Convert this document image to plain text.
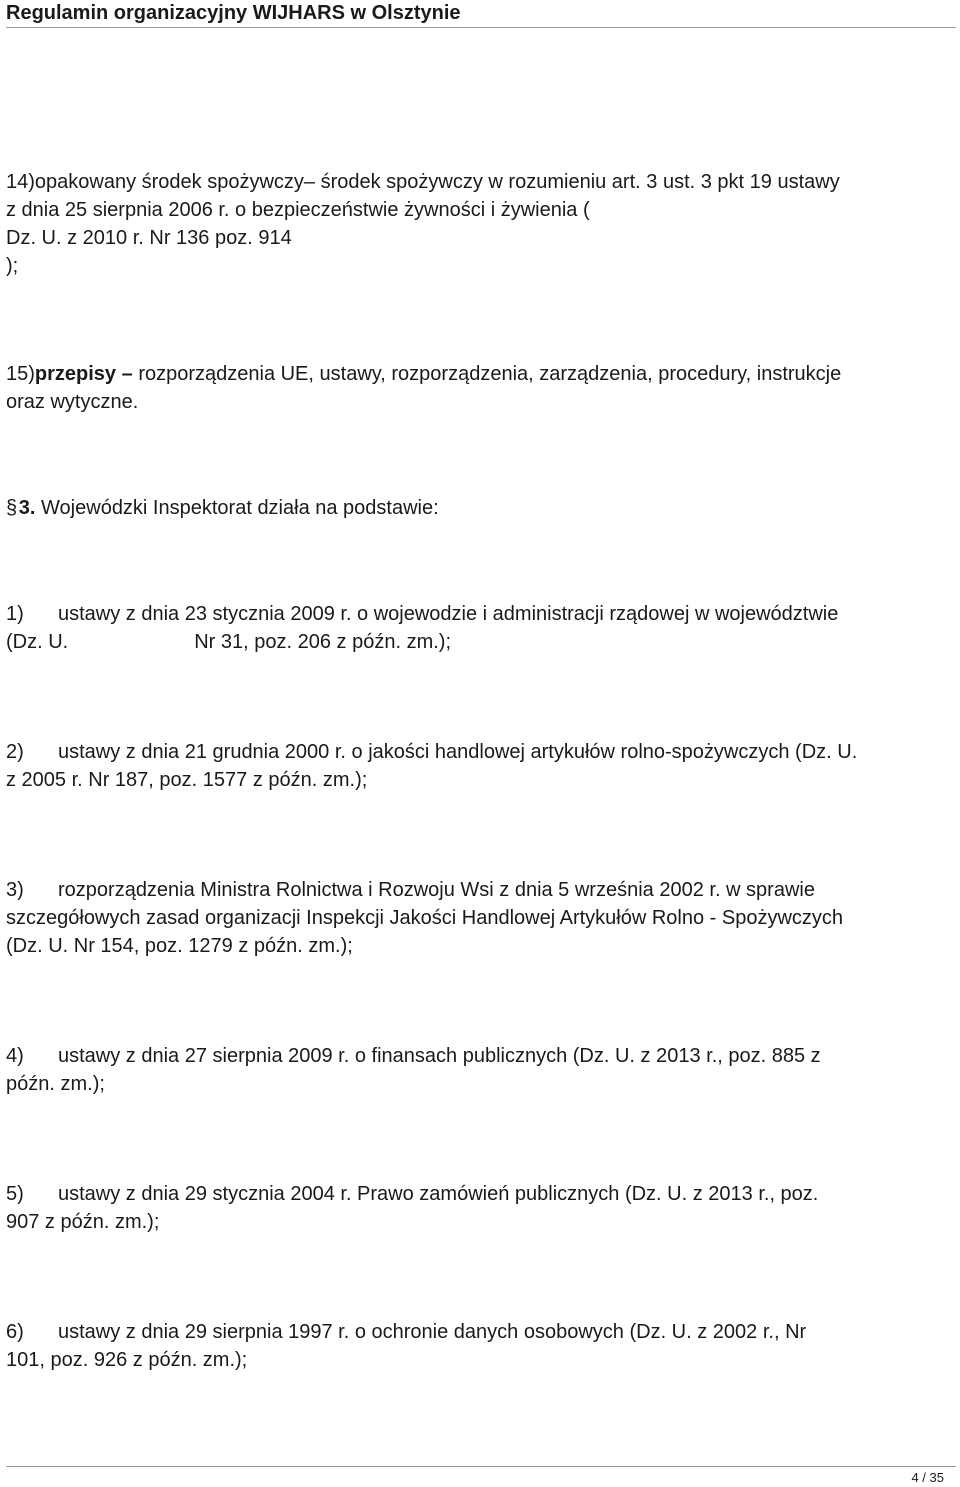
Regulamin organizacyjny WIJHARS w Olsztynie
14)opakowany środek spożywczy– środek spożywczy w rozumieniu art. 3 ust. 3 pkt 19 ustawy
z dnia 25 sierpnia 2006 r. o bezpieczeństwie żywności i żywienia (
Dz. U. z 2010 r. Nr 136 poz. 914
);
15)przepisy – rozporządzenia UE, ustawy, rozporządzenia, zarządzenia, procedury, instrukcje
oraz wytyczne.
§ 3. Wojewódzki Inspektorat działa na podstawie:
1) ustawy z dnia 23 stycznia 2009 r. o wojewodzie i administracji rządowej w województwie
(Dz. U.	Nr 31, poz. 206 z późn. zm.);
2) ustawy z dnia 21 grudnia 2000 r. o jakości handlowej artykułów rolno-spożywczych (Dz. U.
z 2005 r. Nr 187, poz. 1577 z późn. zm.);
3) rozporządzenia Ministra Rolnictwa i Rozwoju Wsi z dnia 5 września 2002 r. w sprawie
szczegółowych zasad organizacji Inspekcji Jakości Handlowej Artykułów Rolno - Spożywczych
(Dz. U. Nr 154, poz. 1279 z późn. zm.);
4) ustawy z dnia 27 sierpnia 2009 r. o finansach publicznych (Dz. U. z 2013 r., poz. 885 z
późn. zm.);
5) ustawy z dnia 29 stycznia 2004 r. Prawo zamówień publicznych (Dz. U. z 2013 r., poz.
907 z późn. zm.);
6) ustawy z dnia 29 sierpnia 1997 r. o ochronie danych osobowych (Dz. U. z 2002 r., Nr
101, poz. 926 z późn. zm.);
4 / 35
